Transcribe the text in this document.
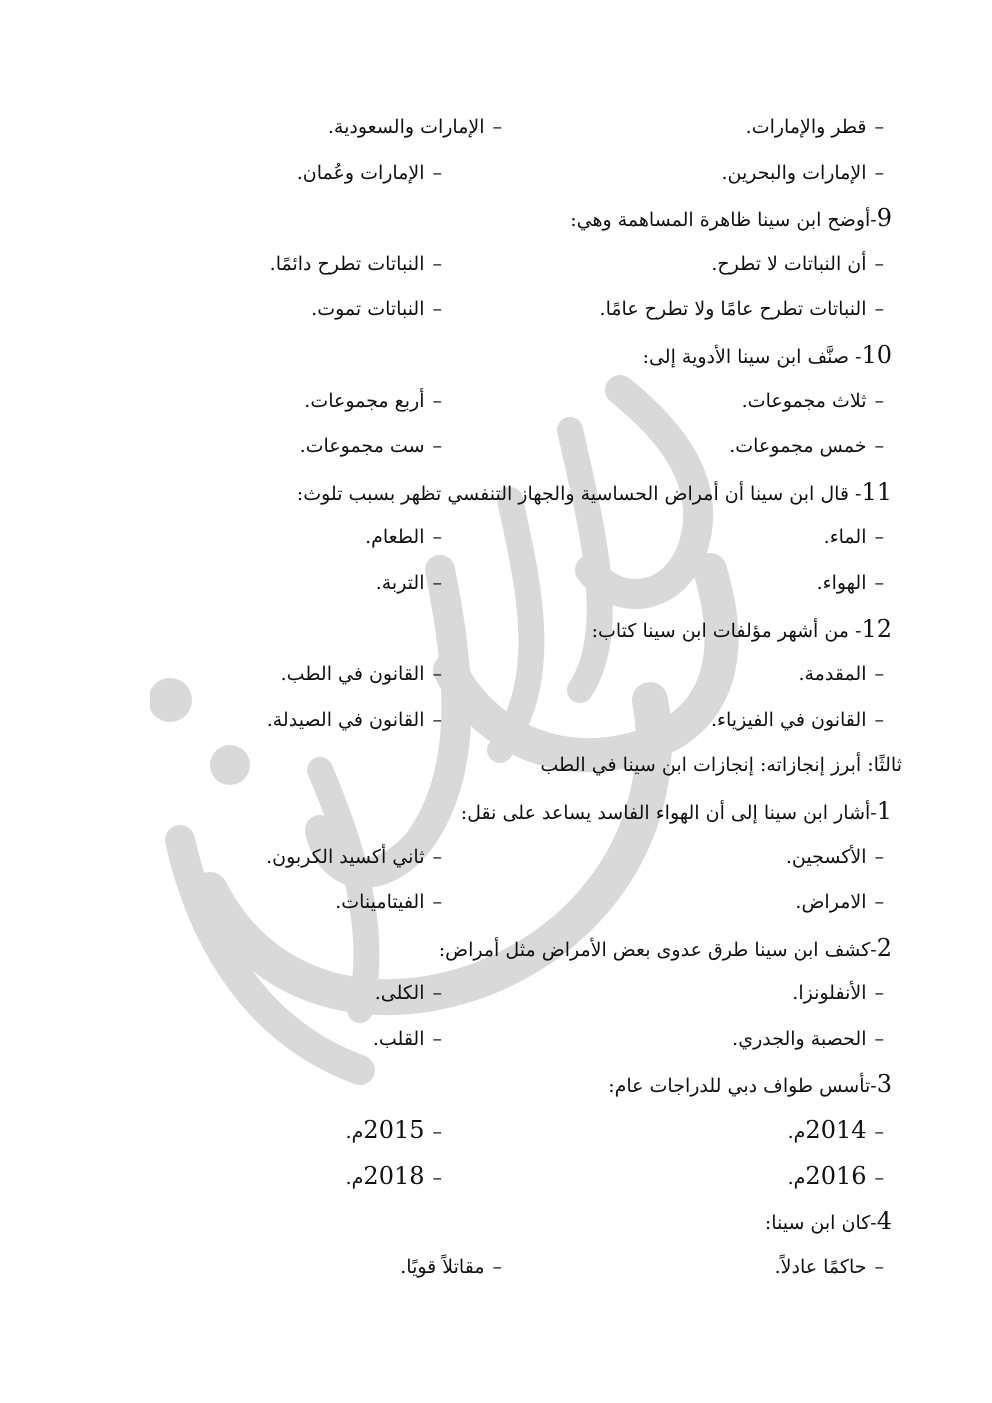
–قطر والإمارات.
–الإمارات والسعودية.
–الإمارات والبحرين.
–الإمارات وعُمان.
9-أوضح ابن سينا ظاهرة المساهمة وهي:
–أن النباتات لا تطرح.
–النباتات تطرح دائمًا.
–النباتات تطرح عامًا ولا تطرح عامًا.
–النباتات تموت.
10- صنَّف ابن سينا الأدوية إلى:
–ثلاث مجموعات.
–أربع مجموعات.
–خمس مجموعات.
–ست مجموعات.
11- قال ابن سينا أن أمراض الحساسية والجهاز التنفسي تظهر بسبب تلوث:
–الماء.
–الطعام.
–الهواء.
–التربة.
12- من أشهر مؤلفات ابن سينا كتاب:
–المقدمة.
–القانون في الطب.
–القانون في الفيزياء.
–القانون في الصيدلة.
ثالثًا: أبرز إنجازاته: إنجازات ابن سينا في الطب
1-أشار ابن سينا إلى أن الهواء الفاسد يساعد على نقل:
–الأكسجين.
–ثاني أكسيد الكربون.
–الامراض.
–الفيتامينات.
2-كشف ابن سينا طرق عدوى بعض الأمراض مثل أمراض:
–الأنفلونزا.
–الكلى.
–الحصبة والجدري.
–القلب.
3-تأسس طواف دبي للدراجات عام:
–2014م.
–2015م.
–2016م.
–2018م.
4-كان ابن سينا:
–حاكمًا عادلاً.
–مقاتلاً قويًا.
